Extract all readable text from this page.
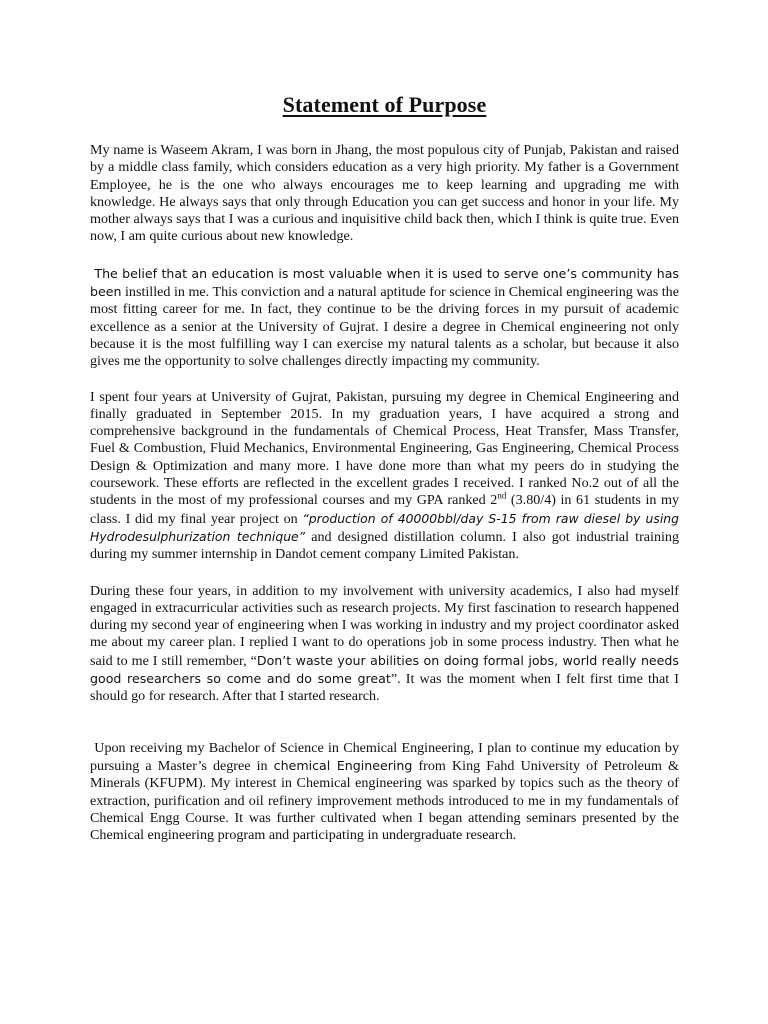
Statement of Purpose

My name is Waseem Akram, I was born in Jhang, the most populous city of Punjab, Pakistan and raised by a middle class family, which considers education as a very high priority. My father is a Government Employee, he is the one who always encourages me to keep learning and upgrading me with knowledge. He always says that only through Education you can get success and honor in your life. My mother always says that I was a curious and inquisitive child back then, which I think is quite true. Even now, I am quite curious about new knowledge.

The belief that an education is most valuable when it is used to serve one’s community has been instilled in me. This conviction and a natural aptitude for science in Chemical engineering was the most fitting career for me. In fact, they continue to be the driving forces in my pursuit of academic excellence as a senior at the University of Gujrat. I desire a degree in Chemical engineering not only because it is the most fulfilling way I can exercise my natural talents as a scholar, but because it also gives me the opportunity to solve challenges directly impacting my community.

I spent four years at University of Gujrat, Pakistan, pursuing my degree in Chemical Engineering and finally graduated in September 2015. In my graduation years, I have acquired a strong and comprehensive background in the fundamentals of Chemical Process, Heat Transfer, Mass Transfer, Fuel & Combustion, Fluid Mechanics, Environmental Engineering, Gas Engineering, Chemical Process Design & Optimization and many more. I have done more than what my peers do in studying the coursework. These efforts are reflected in the excellent grades I received. I ranked No.2 out of all the students in the most of my professional courses and my GPA ranked 2nd (3.80/4) in 61 students in my class. I did my final year project on “production of 40000bbl/day S-15 from raw diesel by using Hydrodesulphurization technique” and designed distillation column. I also got industrial training during my summer internship in Dandot cement company Limited Pakistan.

During these four years, in addition to my involvement with university academics, I also had myself engaged in extracurricular activities such as research projects. My first fascination to research happened during my second year of engineering when I was working in industry and my project coordinator asked me about my career plan. I replied I want to do operations job in some process industry. Then what he said to me I still remember, “Don’t waste your abilities on doing formal jobs, world really needs good researchers so come and do some great”. It was the moment when I felt first time that I should go for research. After that I started research.

Upon receiving my Bachelor of Science in Chemical Engineering, I plan to continue my education by pursuing a Master’s degree in chemical Engineering from King Fahd University of Petroleum & Minerals (KFUPM). My interest in Chemical engineering was sparked by topics such as the theory of extraction, purification and oil refinery improvement methods introduced to me in my fundamentals of Chemical Engg Course. It was further cultivated when I began attending seminars presented by the Chemical engineering program and participating in undergraduate research.
